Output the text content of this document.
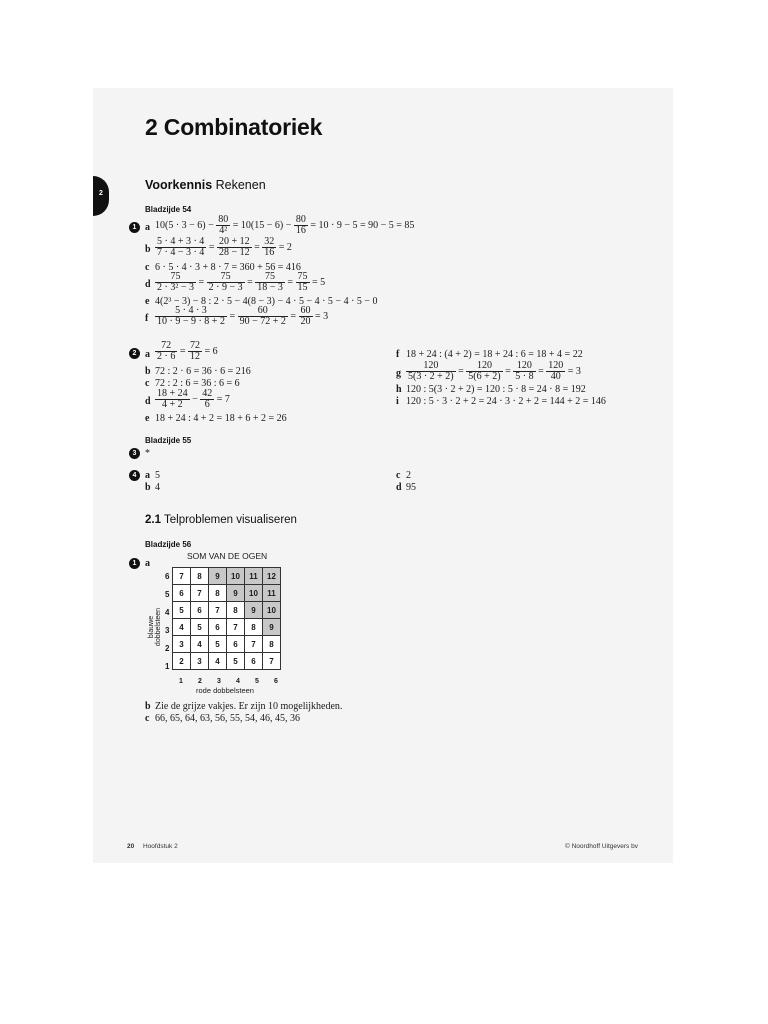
2 Combinatoriek
2
Voorkennis Rekenen
Bladzijde 54
1 a $10(5 \cdot 3 - 6) - \frac{80}{\text{4²}} = 10(15 - 6) - \frac{80}{16} = 10 \cdot 9 - 5 = 90 - 5 = 85$
b $\frac{5 \cdot 4 + 3 \cdot 4}{7 \cdot 4 - 3 \cdot 4} = \frac{20 + 12}{28 - 12} = \frac{32}{16} = 2$
c 6 · 5 · 4 · 3 + 8 · 7 = 360 + 56 = 416
d $\frac{75}{\text{2 · 3² − 3}} = \frac{75}{2 \cdot 9 - 3} = \frac{75}{18 - 3} = \frac{75}{15} = 5$
e 4(2³ − 3) − 8 : 2 · 5 − 4(8 − 3) − 4 · 5 − 4 · 5 − 4 · 5 − 0
f $\frac{5 \cdot 4 \cdot 3}{10 \cdot 9 - 9 \cdot 8 + 2} = \frac{60}{90 - 72 + 2} = \frac{60}{20} = 3$
2 a $\frac{72}{2 \cdot 6} = \frac{72}{12} = 6$
b 72 : 2 · 6 = 36 · 6 = 216
c 72 : 2 : 6 = 36 : 6 = 6
d $\frac{18 + 24}{4 + 2} - \frac{42}{6} = 7$
e 18 + 24 : 4 + 2 = 18 + 6 + 2 = 26
f 18 + 24 : (4 + 2) = 18 + 24 : 6 = 18 + 4 = 22
g $\frac{120}{5(3 \cdot 2 + 2)} = \frac{120}{5(6 + 2)} = \frac{120}{5 \cdot 8} = \frac{120}{40} = 3$
h 120 : 5(3 · 2 + 2) = 120 : 5 · 8 = 24 · 8 = 192
i 120 : 5 · 3 · 2 + 2 = 24 · 3 · 2 + 2 = 144 + 2 = 146
Bladzijde 55
3 *
4 a 5
b 4
c 2
d 95
2.1 Telproblemen visualiseren
Bladzijde 56
1 a
SOM VAN DE OGEN
blauwe dobbelsteen
7	8	9	10	11	12
6	7	8	9	10	11
5	6	7	8	9	10
4	5	6	7	8	9
3	4	5	6	7	8
2	3	4	5	6	7
6
5
4
3
2
1
1 2 3 4 5 6
rode dobbelsteen
b Zie de grijze vakjes. Er zijn 10 mogelijkheden.
c 66, 65, 64, 63, 56, 55, 54, 46, 45, 36
20 Hoofdstuk 2	© Noordhoff Uitgevers bv
